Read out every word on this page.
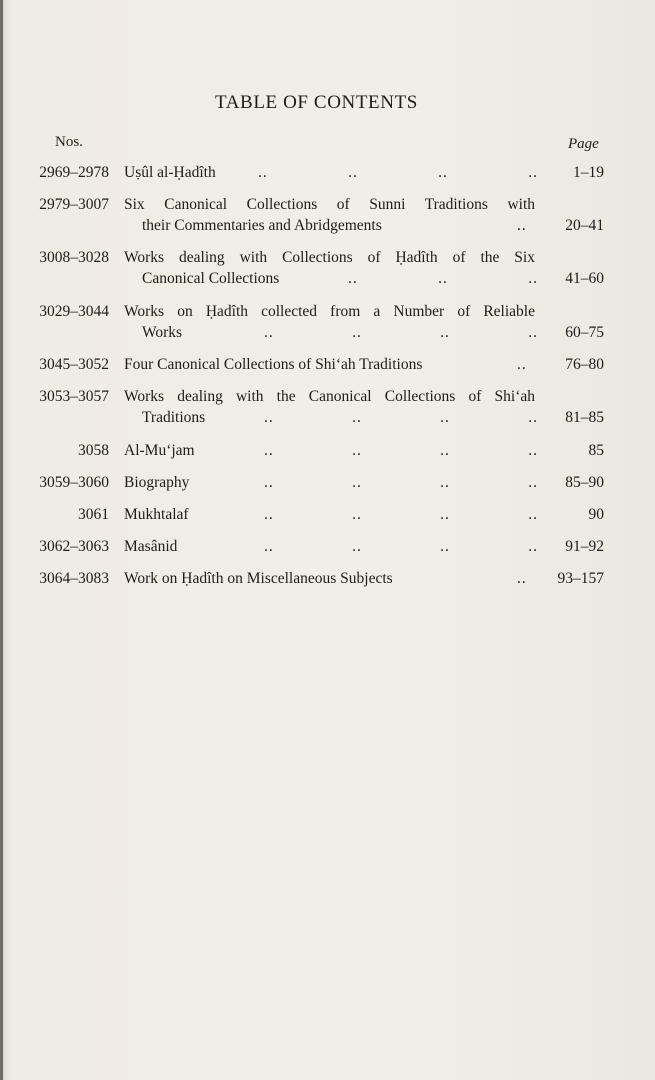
TABLE OF CONTENTS
Nos.	Page
2969–2978 Uṣûl al-Ḥadîth	..	..	..	.. 1–19
2979–3007 Six Canonical Collections of Sunni Traditions with
their Commentaries and Abridgements	.. 20–41
3008–3028 Works dealing with Collections of Ḥadîth of the Six
Canonical Collections	..	..	.. 41–60
3029–3044 Works on Ḥadîth collected from a Number of Reliable
Works	..	..	..	.. 60–75
3045–3052 Four Canonical Collections of Shi‘ah Traditions	.. 76–80
3053–3057 Works dealing with the Canonical Collections of Shi‘ah
Traditions	..	..	..	.. 81–85
3058 Al-Mu‘jam	..	..	..	..	85
3059–3060 Biography	..	..	..	.. 85–90
3061 Mukhtalaf	..	..	..	..	90
3062–3063 Masânid	..	..	..	.. 91–92
3064–3083 Work on Ḥadîth on Miscellaneous Subjects	.. 93–157
